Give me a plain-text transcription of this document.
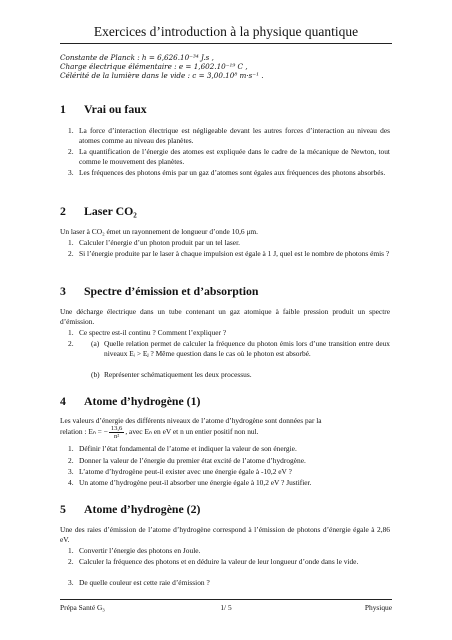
Exercices d’introduction à la physique quantique
Constante de Planck : h = 6,626.10⁻³⁴ J.s ,
Charge électrique élémentaire : e = 1,602.10⁻¹⁹ C ,
Célérité de la lumière dans le vide : c = 3,00.10⁸ m·s⁻¹ .
1 Vrai ou faux
1. La force d’interaction électrique est négligeable devant les autres forces d’interaction au niveau des atomes comme au niveau des planètes.
2. La quantification de l’énergie des atomes est expliquée dans le cadre de la mécanique de Newton, tout comme le mouvement des planètes.
3. Les fréquences des photons émis par un gaz d’atomes sont égales aux fréquences des photons absorbés.
2 Laser CO₂
Un laser à CO₂ émet un rayonnement de longueur d’onde 10,6 μm.
1. Calculer l’énergie d’un photon produit par un tel laser.
2. Si l’énergie produite par le laser à chaque impulsion est égale à 1 J, quel est le nombre de photons émis ?
3 Spectre d’émission et d’absorption
Une décharge électrique dans un tube contenant un gaz atomique à faible pression produit un spectre d’émission.
1. Ce spectre est-il continu ? Comment l’expliquer ?
2. (a) Quelle relation permet de calculer la fréquence du photon émis lors d’une transition entre deux niveaux Eᵢ > Eⱼ ? Même question dans le cas où le photon est absorbé.
(b) Représenter schématiquement les deux processus.
4 Atome d’hydrogène (1)
Les valeurs d’énergie des différents niveaux de l’atome d’hydrogène sont données par la
relation : Eₙ = − $\frac{13,6}{\text{n²}}$ , avec Eₙ en eV et n un entier positif non nul.
1. Définir l’état fondamental de l’atome et indiquer la valeur de son énergie.
2. Donner la valeur de l’énergie du premier état excité de l’atome d’hydrogène.
3. L’atome d’hydrogène peut-il exister avec une énergie égale à -10,2 eV ?
4. Un atome d’hydrogène peut-il absorber une énergie égale à 10,2 eV ? Justifier.
5 Atome d’hydrogène (2)
Une des raies d’émission de l’atome d’hydrogène correspond à l’émission de photons d’énergie égale à 2,86 eV.
1. Convertir l’énergie des photons en Joule.
2. Calculer la fréquence des photons et en déduire la valeur de leur longueur d’onde dans le vide.
3. De quelle couleur est cette raie d’émission ?
Prépa Santé G₃	1/ 5	Physique
